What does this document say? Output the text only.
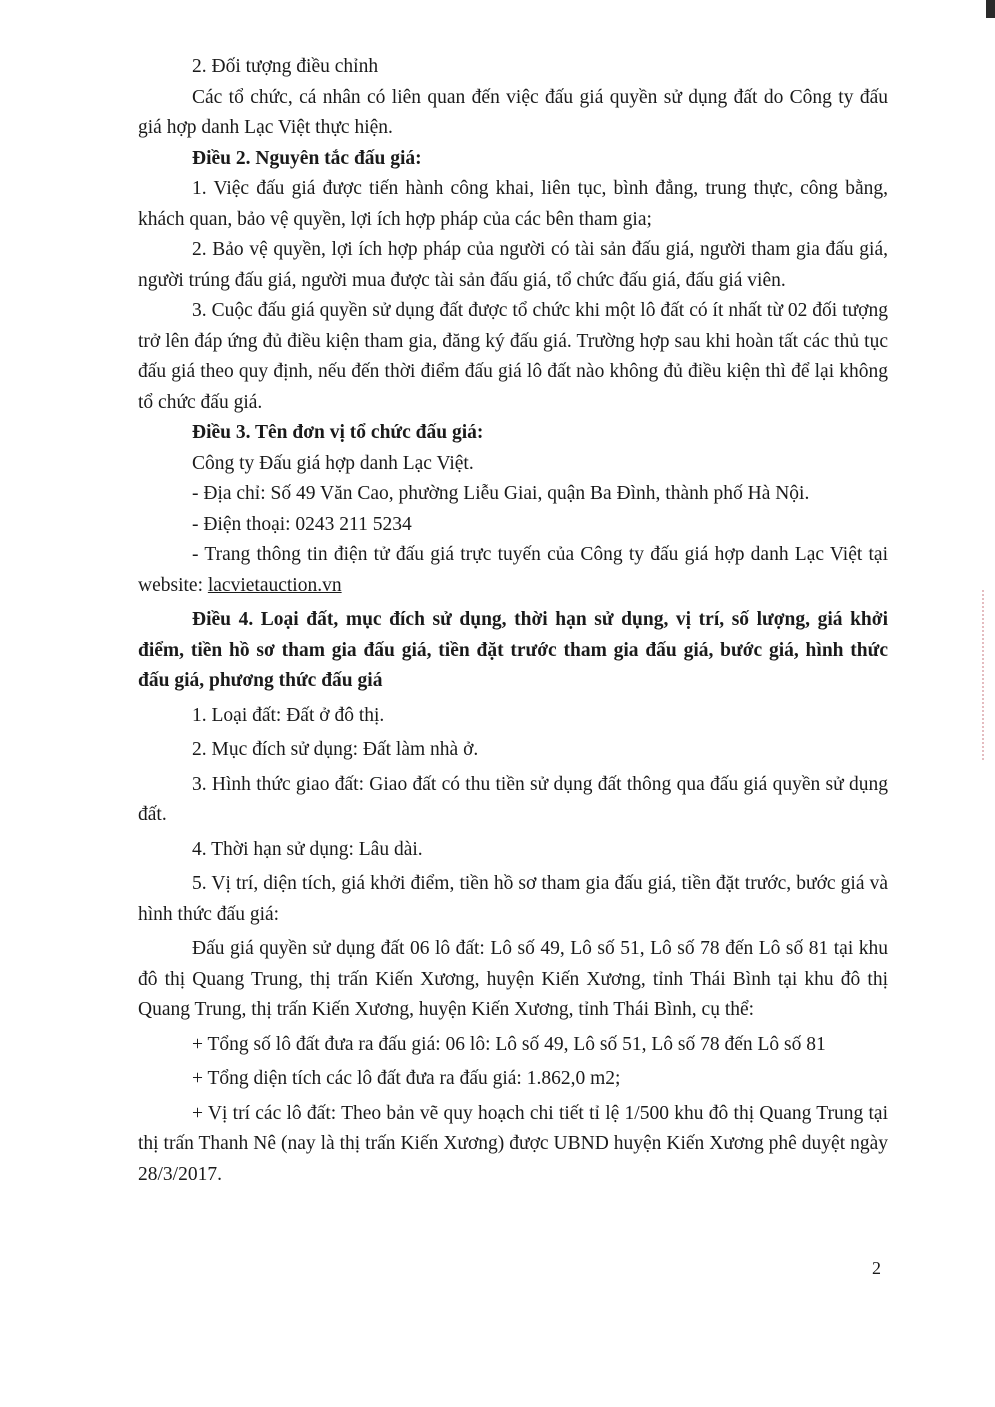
2. Đối tượng điều chỉnh

Các tổ chức, cá nhân có liên quan đến việc đấu giá quyền sử dụng đất do Công ty đấu giá hợp danh Lạc Việt thực hiện.

Điều 2. Nguyên tắc đấu giá:

1. Việc đấu giá được tiến hành công khai, liên tục, bình đẳng, trung thực, công bằng, khách quan, bảo vệ quyền, lợi ích hợp pháp của các bên tham gia;

2. Bảo vệ quyền, lợi ích hợp pháp của người có tài sản đấu giá, người tham gia đấu giá, người trúng đấu giá, người mua được tài sản đấu giá, tổ chức đấu giá, đấu giá viên.

3. Cuộc đấu giá quyền sử dụng đất được tổ chức khi một lô đất có ít nhất từ 02 đối tượng trở lên đáp ứng đủ điều kiện tham gia, đăng ký đấu giá. Trường hợp sau khi hoàn tất các thủ tục đấu giá theo quy định, nếu đến thời điểm đấu giá lô đất nào không đủ điều kiện thì để lại không tổ chức đấu giá.

Điều 3. Tên đơn vị tổ chức đấu giá:

Công ty Đấu giá hợp danh Lạc Việt.

- Địa chỉ: Số 49 Văn Cao, phường Liễu Giai, quận Ba Đình, thành phố Hà Nội.

- Điện thoại: 0243 211 5234

- Trang thông tin điện tử đấu giá trực tuyến của Công ty đấu giá hợp danh Lạc Việt tại website: lacvietauction.vn

Điều 4. Loại đất, mục đích sử dụng, thời hạn sử dụng, vị trí, số lượng, giá khởi điểm, tiền hồ sơ tham gia đấu giá, tiền đặt trước tham gia đấu giá, bước giá, hình thức đấu giá, phương thức đấu giá

1. Loại đất: Đất ở đô thị.

2. Mục đích sử dụng: Đất làm nhà ở.

3. Hình thức giao đất: Giao đất có thu tiền sử dụng đất thông qua đấu giá quyền sử dụng đất.

4. Thời hạn sử dụng: Lâu dài.

5. Vị trí, diện tích, giá khởi điểm, tiền hồ sơ tham gia đấu giá, tiền đặt trước, bước giá và hình thức đấu giá:

Đấu giá quyền sử dụng đất 06 lô đất: Lô số 49, Lô số 51, Lô số 78 đến Lô số 81 tại khu đô thị Quang Trung, thị trấn Kiến Xương, huyện Kiến Xương, tỉnh Thái Bình tại khu đô thị Quang Trung, thị trấn Kiến Xương, huyện Kiến Xương, tỉnh Thái Bình, cụ thể:

+ Tổng số lô đất đưa ra đấu giá: 06 lô: Lô số 49, Lô số 51, Lô số 78 đến Lô số 81

+ Tổng diện tích các lô đất đưa ra đấu giá: 1.862,0 m2;

+ Vị trí các lô đất: Theo bản vẽ quy hoạch chi tiết tỉ lệ 1/500 khu đô thị Quang Trung tại thị trấn Thanh Nê (nay là thị trấn Kiến Xương) được UBND huyện Kiến Xương phê duyệt ngày 28/3/2017.

2
